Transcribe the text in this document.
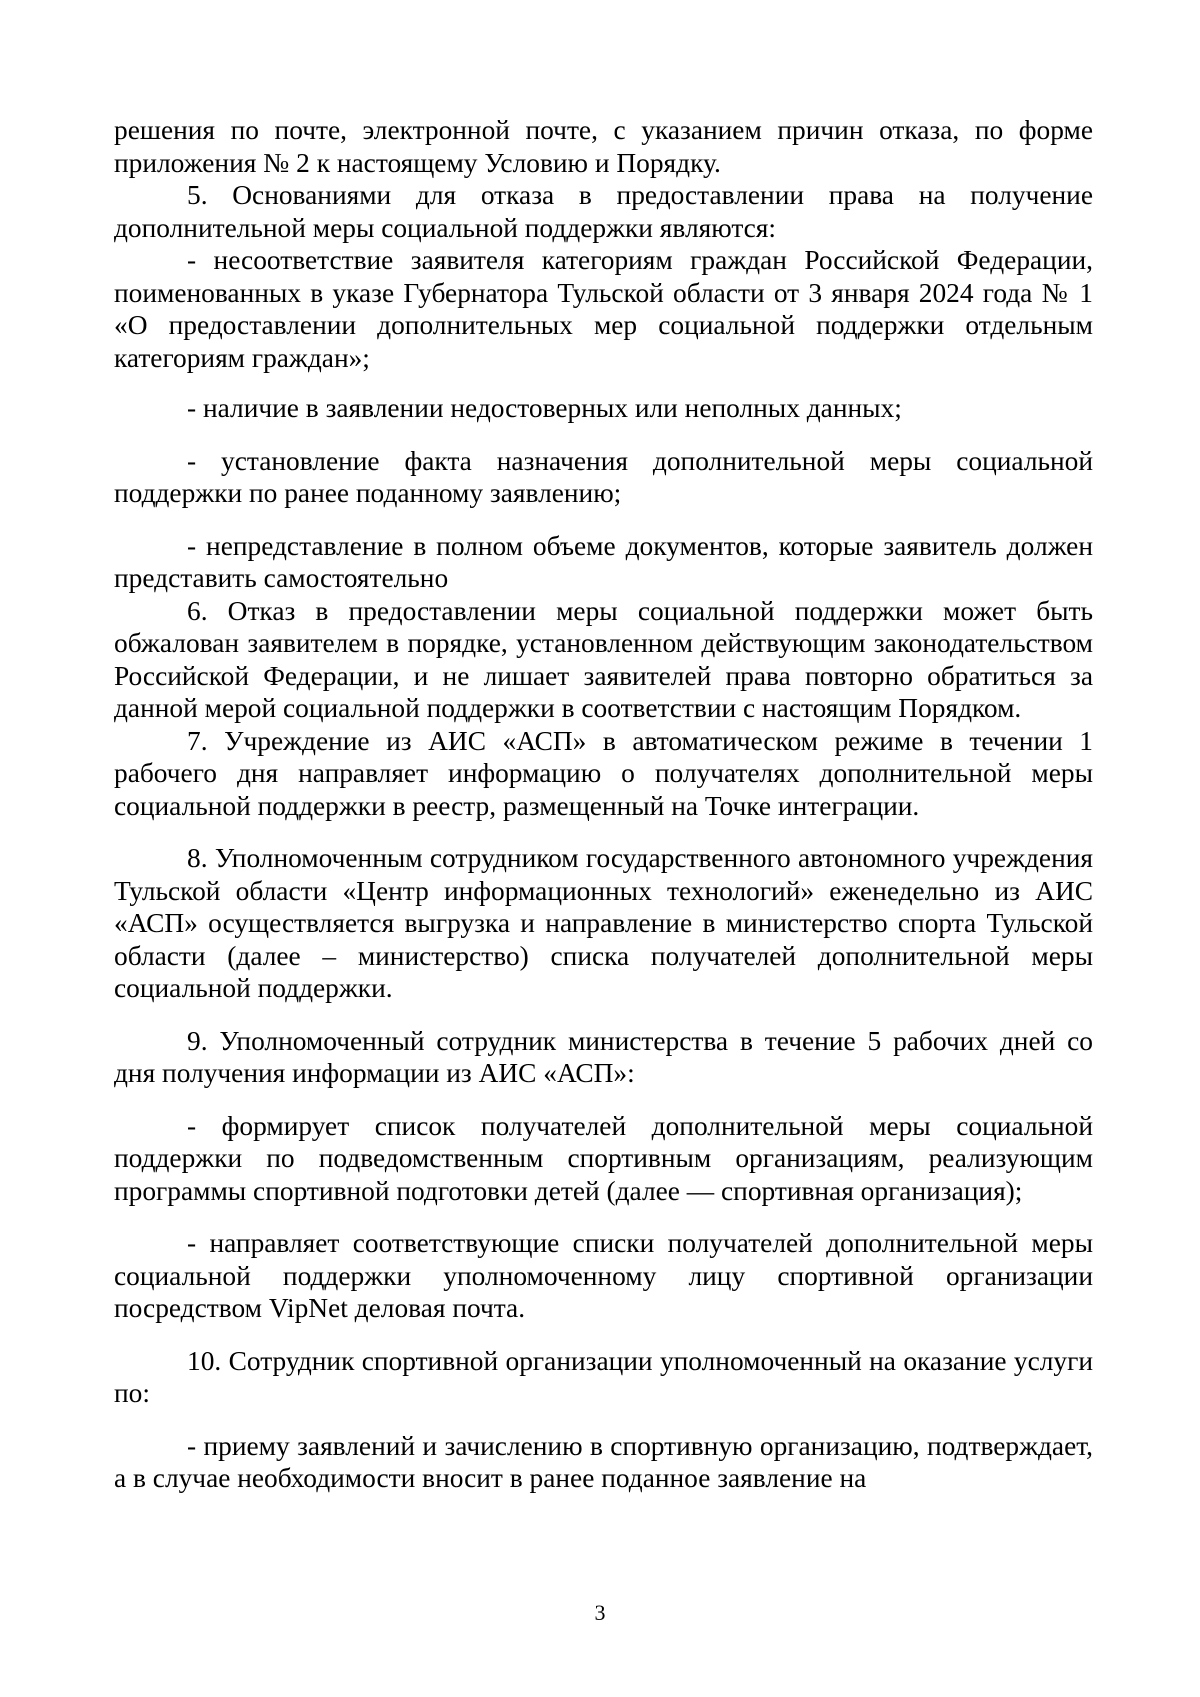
решения по почте, электронной почте, с указанием причин отказа, по форме приложения № 2 к настоящему Условию и Порядку.

5. Основаниями для отказа в предоставлении права на получение дополнительной меры социальной поддержки являются:

- несоответствие заявителя категориям граждан Российской Федерации, поименованных в указе Губернатора Тульской области от 3 января 2024 года № 1 «О предоставлении дополнительных мер социальной поддержки отдельным категориям граждан»;

- наличие в заявлении недостоверных или неполных данных;

- установление факта назначения дополнительной меры социальной поддержки по ранее поданному заявлению;

- непредставление в полном объеме документов, которые заявитель должен представить самостоятельно

6. Отказ в предоставлении меры социальной поддержки может быть обжалован заявителем в порядке, установленном действующим законодательством Российской Федерации, и не лишает заявителей права повторно обратиться за данной мерой социальной поддержки в соответствии с настоящим Порядком.

7. Учреждение из АИС «АСП» в автоматическом режиме в течении 1 рабочего дня направляет информацию о получателях дополнительной меры социальной поддержки в реестр, размещенный на Точке интеграции.

8. Уполномоченным сотрудником государственного автономного учреждения Тульской области «Центр информационных технологий» еженедельно из АИС «АСП» осуществляется выгрузка и направление в министерство спорта Тульской области (далее – министерство) списка получателей дополнительной меры социальной поддержки.

9. Уполномоченный сотрудник министерства в течение 5 рабочих дней со дня получения информации из АИС «АСП»:

- формирует список получателей дополнительной меры социальной поддержки по подведомственным спортивным организациям, реализующим программы спортивной подготовки детей (далее — спортивная организация);

- направляет соответствующие списки получателей дополнительной меры социальной поддержки уполномоченному лицу спортивной организации посредством VipNet деловая почта.

10. Сотрудник спортивной организации уполномоченный на оказание услуги по:

- приему заявлений и зачислению в спортивную организацию, подтверждает, а в случае необходимости вносит в ранее поданное заявление на

3
